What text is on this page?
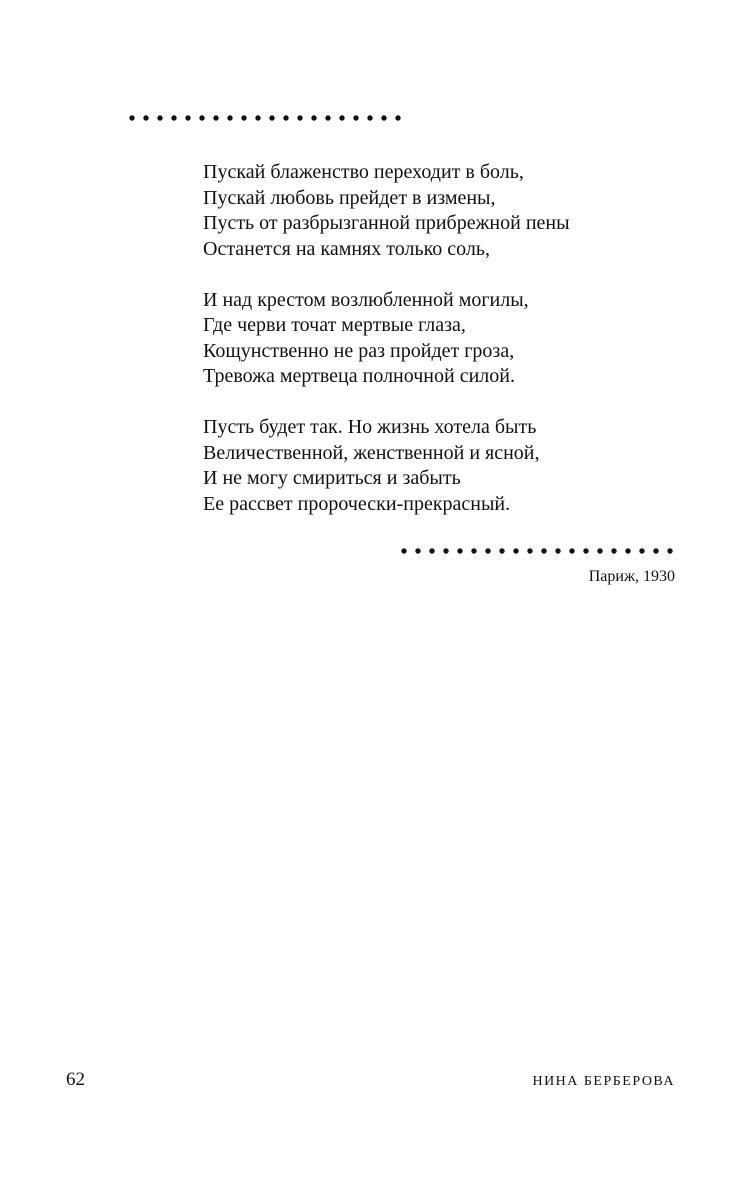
Пускай блаженство переходит в боль,
Пускай любовь прейдет в измены,
Пусть от разбрызганной прибрежной пены
Останется на камнях только соль,
И над крестом возлюбленной могилы,
Где черви точат мертвые глаза,
Кощунственно не раз пройдет гроза,
Тревожа мертвеца полночной силой.
Пусть будет так. Но жизнь хотела быть
Величественной, женственной и ясной,
И не могу смириться и забыть
Ее рассвет пророчески-прекрасный.
Париж, 1930
62	НИНА БЕРБЕРОВА
